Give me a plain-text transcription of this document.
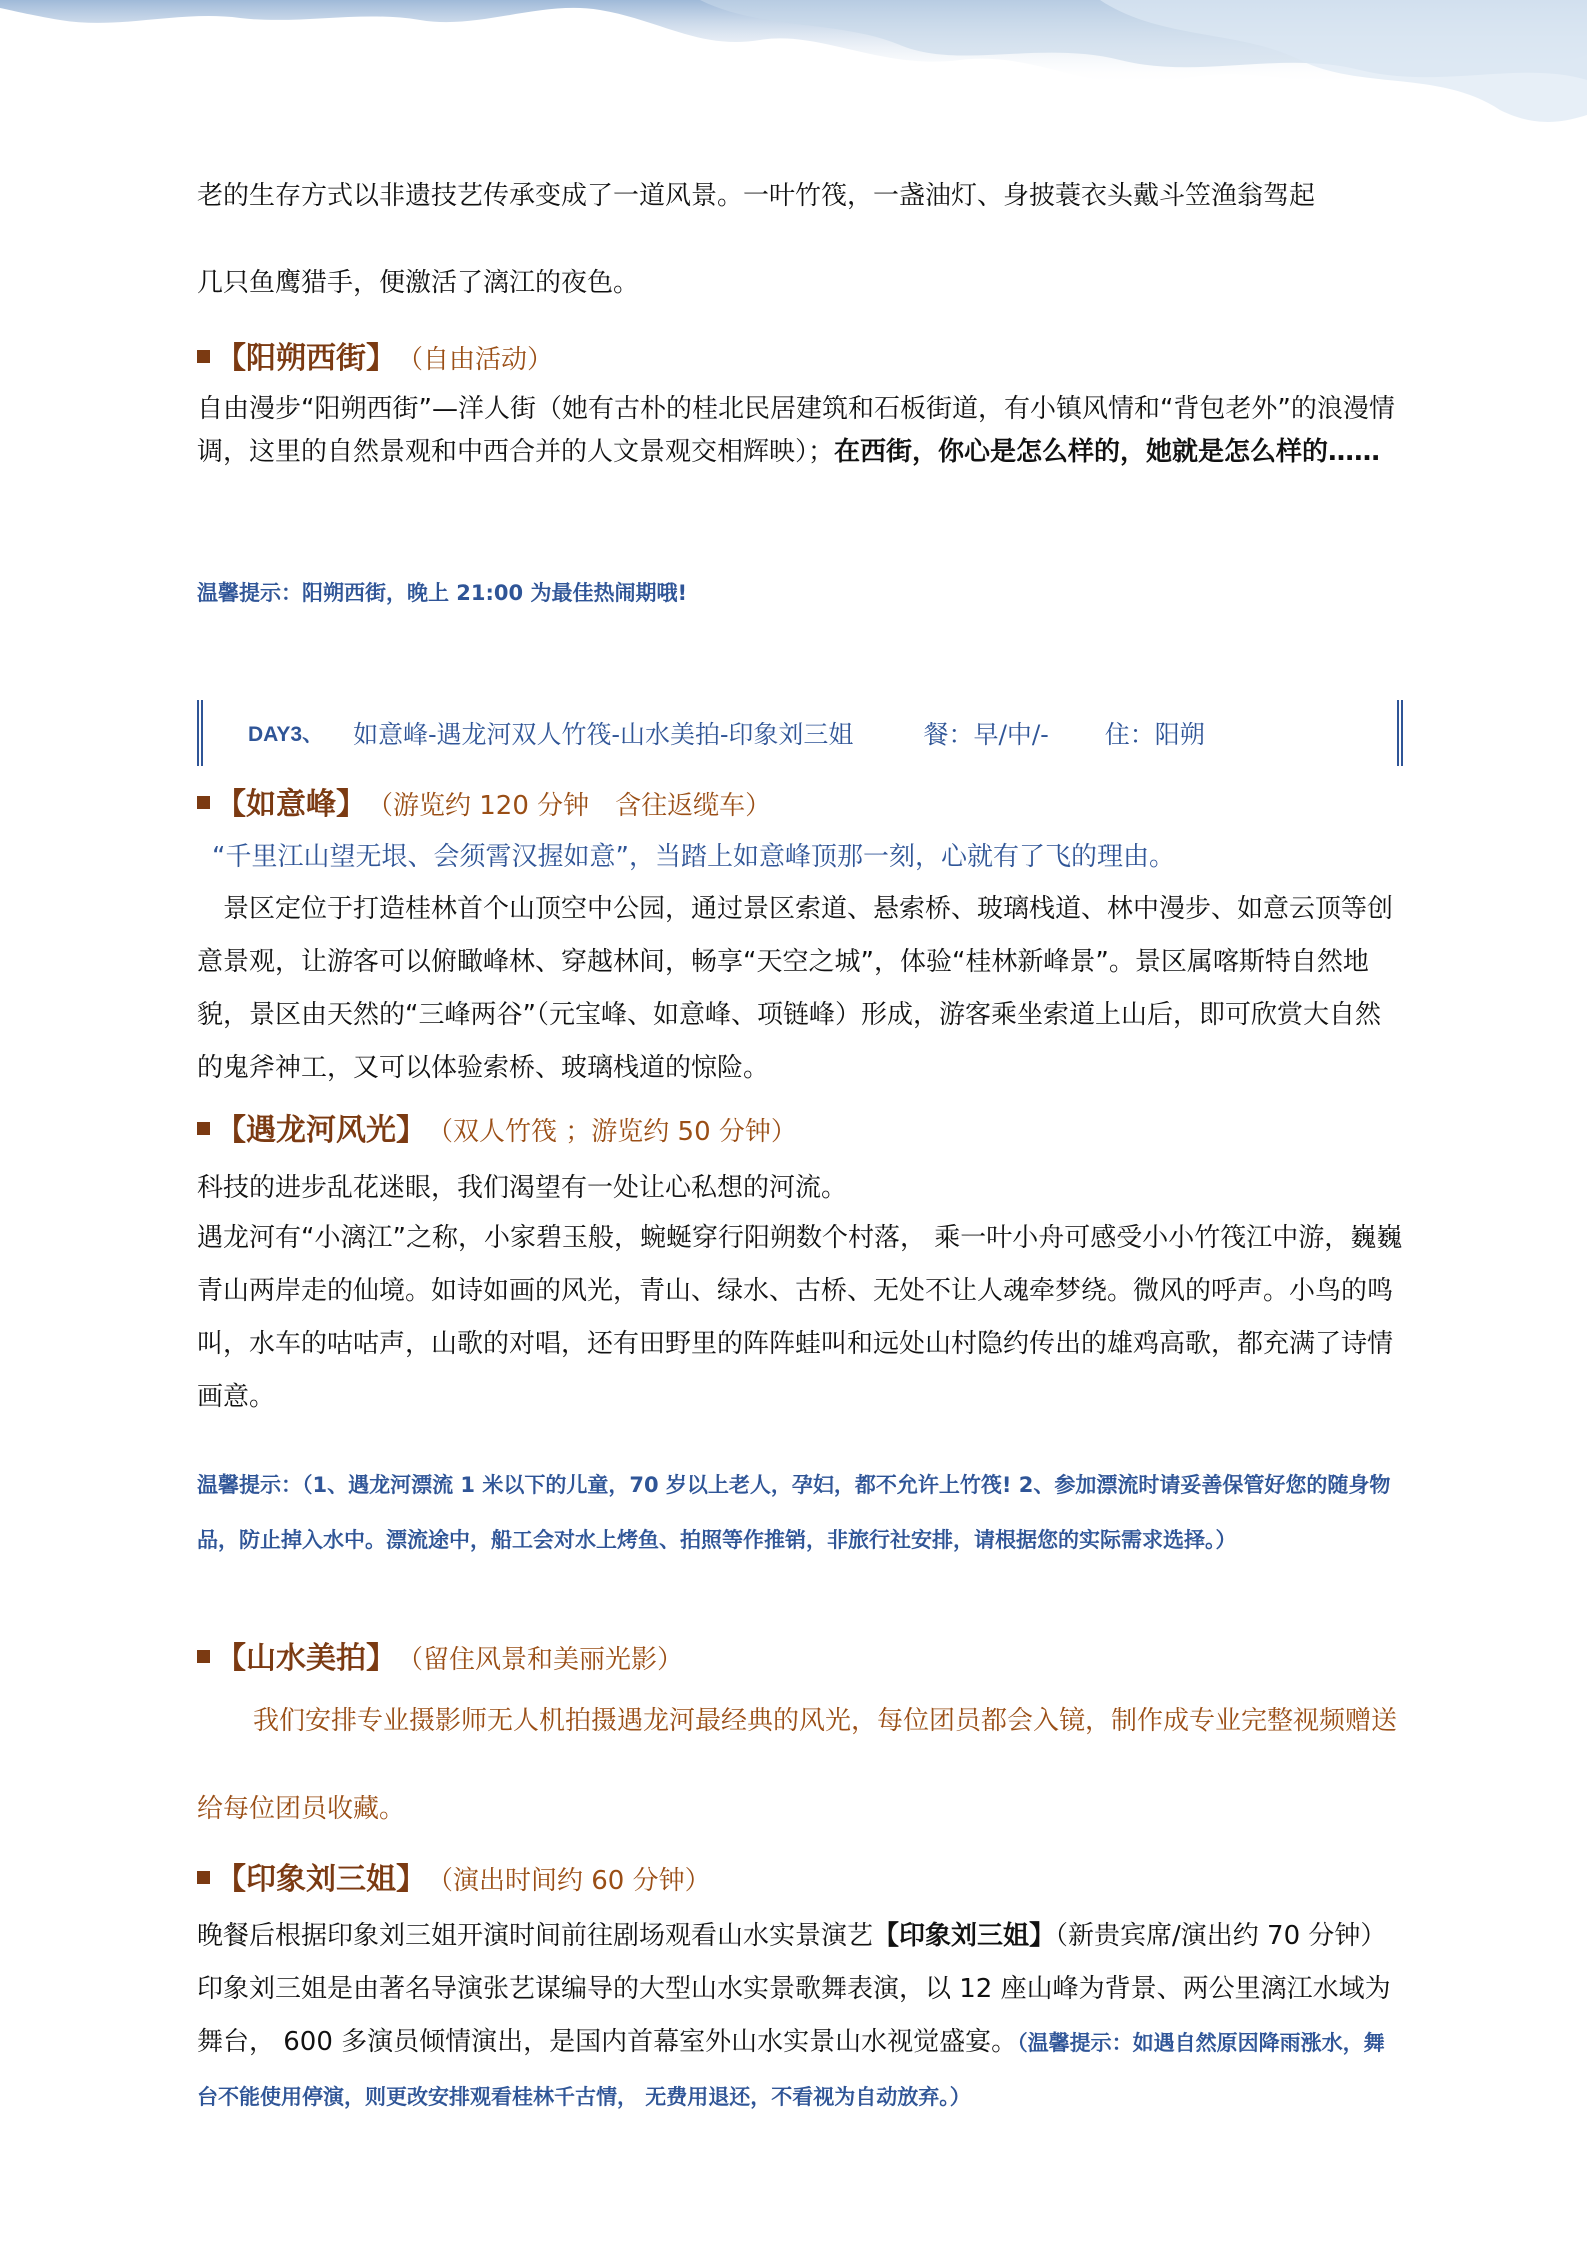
老的生存方式以非遗技艺传承变成了一道风景。一叶竹筏，一盏油灯、身披蓑衣头戴斗笠渔翁驾起

几只鱼鹰猎手，便激活了漓江的夜色。

【阳朔西街】 （自由活动）

自由漫步“阳朔西街”—洋人街（她有古朴的桂北民居建筑和石板街道，有小镇风情和“背包老外”的浪漫情调，这里的自然景观和中西合并的人文景观交相辉映）；在西街，你心是怎么样的，她就是怎么样的……

温馨提示：阳朔西街，晚上 21:00 为最佳热闹期哦!

DAY3、 如意峰-遇龙河双人竹筏-山水美拍-印象刘三姐	餐：早/中/- 住：阳朔
【如意峰】 （游览约 120 分钟　含往返缆车）

“千里江山望无垠、会须霄汉握如意”，当踏上如意峰顶那一刻，心就有了飞的理由。

　景区定位于打造桂林首个山顶空中公园，通过景区索道、悬索桥、玻璃栈道、林中漫步、如意云顶等创意景观，让游客可以俯瞰峰林、穿越林间，畅享“天空之城”，体验“桂林新峰景”。景区属喀斯特自然地貌，景区由天然的“三峰两谷”（元宝峰、如意峰、项链峰）形成，游客乘坐索道上山后，即可欣赏大自然的鬼斧神工，又可以体验索桥、玻璃栈道的惊险。

【遇龙河风光】 （双人竹筏 ；游览约 50 分钟）

科技的进步乱花迷眼，我们渴望有一处让心私想的河流。

遇龙河有“小漓江”之称，小家碧玉般，蜿蜒穿行阳朔数个村落， 乘一叶小舟可感受小小竹筏江中游，巍巍青山两岸走的仙境。如诗如画的风光，青山、绿水、古桥、无处不让人魂牵梦绕。微风的呼声。小鸟的鸣叫，水车的咕咕声，山歌的对唱，还有田野里的阵阵蛙叫和远处山村隐约传出的雄鸡高歌，都充满了诗情画意。

温馨提示：（1、遇龙河漂流 1 米以下的儿童，70 岁以上老人，孕妇，都不允许上竹筏! 2、参加漂流时请妥善保管好您的随身物品，防止掉入水中。漂流途中，船工会对水上烤鱼、拍照等作推销，非旅行社安排，请根据您的实际需求选择。）

【山水美拍】 （留住风景和美丽光影）

我们安排专业摄影师无人机拍摄遇龙河最经典的风光，每位团员都会入镜，制作成专业完整视频赠送给每位团员收藏。

【印象刘三姐】 （演出时间约 60 分钟）

晚餐后根据印象刘三姐开演时间前往剧场观看山水实景演艺【印象刘三姐】（新贵宾席/演出约 70 分钟）印象刘三姐是由著名导演张艺谋编导的大型山水实景歌舞表演，以 12 座山峰为背景、两公里漓江水域为舞台， 600 多演员倾情演出，是国内首幕室外山水实景山水视觉盛宴。（温馨提示：如遇自然原因降雨涨水，舞台不能使用停演，则更改安排观看桂林千古情， 无费用退还，不看视为自动放弃。）
